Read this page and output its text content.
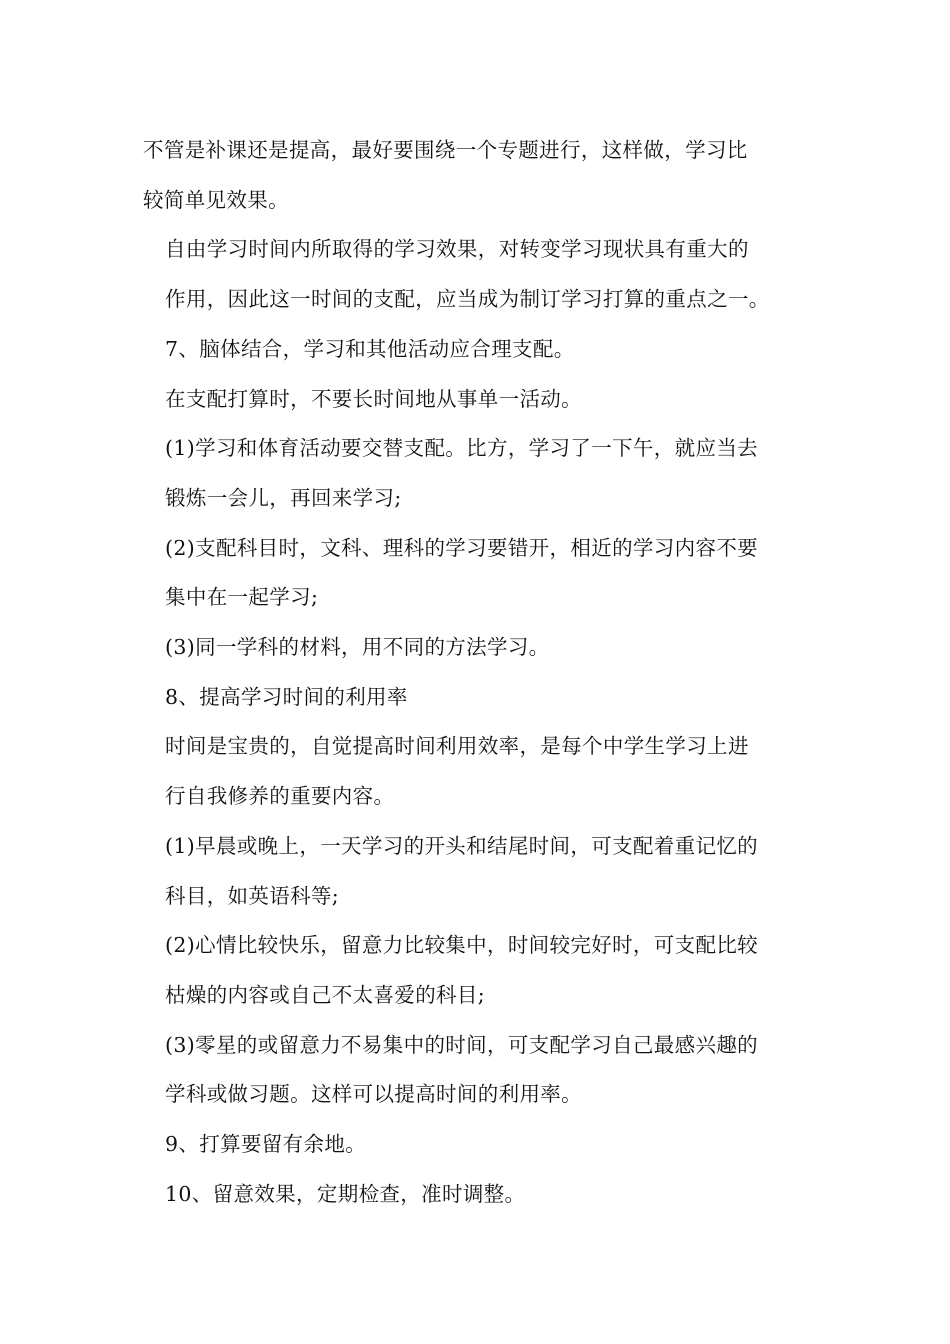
不管是补课还是提高，最好要围绕一个专题进行，这样做，学习比
较简单见效果。

自由学习时间内所取得的学习效果，对转变学习现状具有重大的
作用，因此这一时间的支配，应当成为制订学习打算的重点之一。

7、脑体结合，学习和其他活动应合理支配。

在支配打算时，不要长时间地从事单一活动。

(1)学习和体育活动要交替支配。比方，学习了一下午，就应当去
锻炼一会儿，再回来学习;

(2)支配科目时，文科、理科的学习要错开，相近的学习内容不要
集中在一起学习;

(3)同一学科的材料，用不同的方法学习。

8、提高学习时间的利用率

时间是宝贵的，自觉提高时间利用效率，是每个中学生学习上进
行自我修养的重要内容。

(1)早晨或晚上，一天学习的开头和结尾时间，可支配着重记忆的
科目，如英语科等;

(2)心情比较快乐，留意力比较集中，时间较完好时，可支配比较
枯燥的内容或自己不太喜爱的科目;

(3)零星的或留意力不易集中的时间，可支配学习自己最感兴趣的
学科或做习题。这样可以提高时间的利用率。

9、打算要留有余地。

10、留意效果，定期检查，准时调整。
